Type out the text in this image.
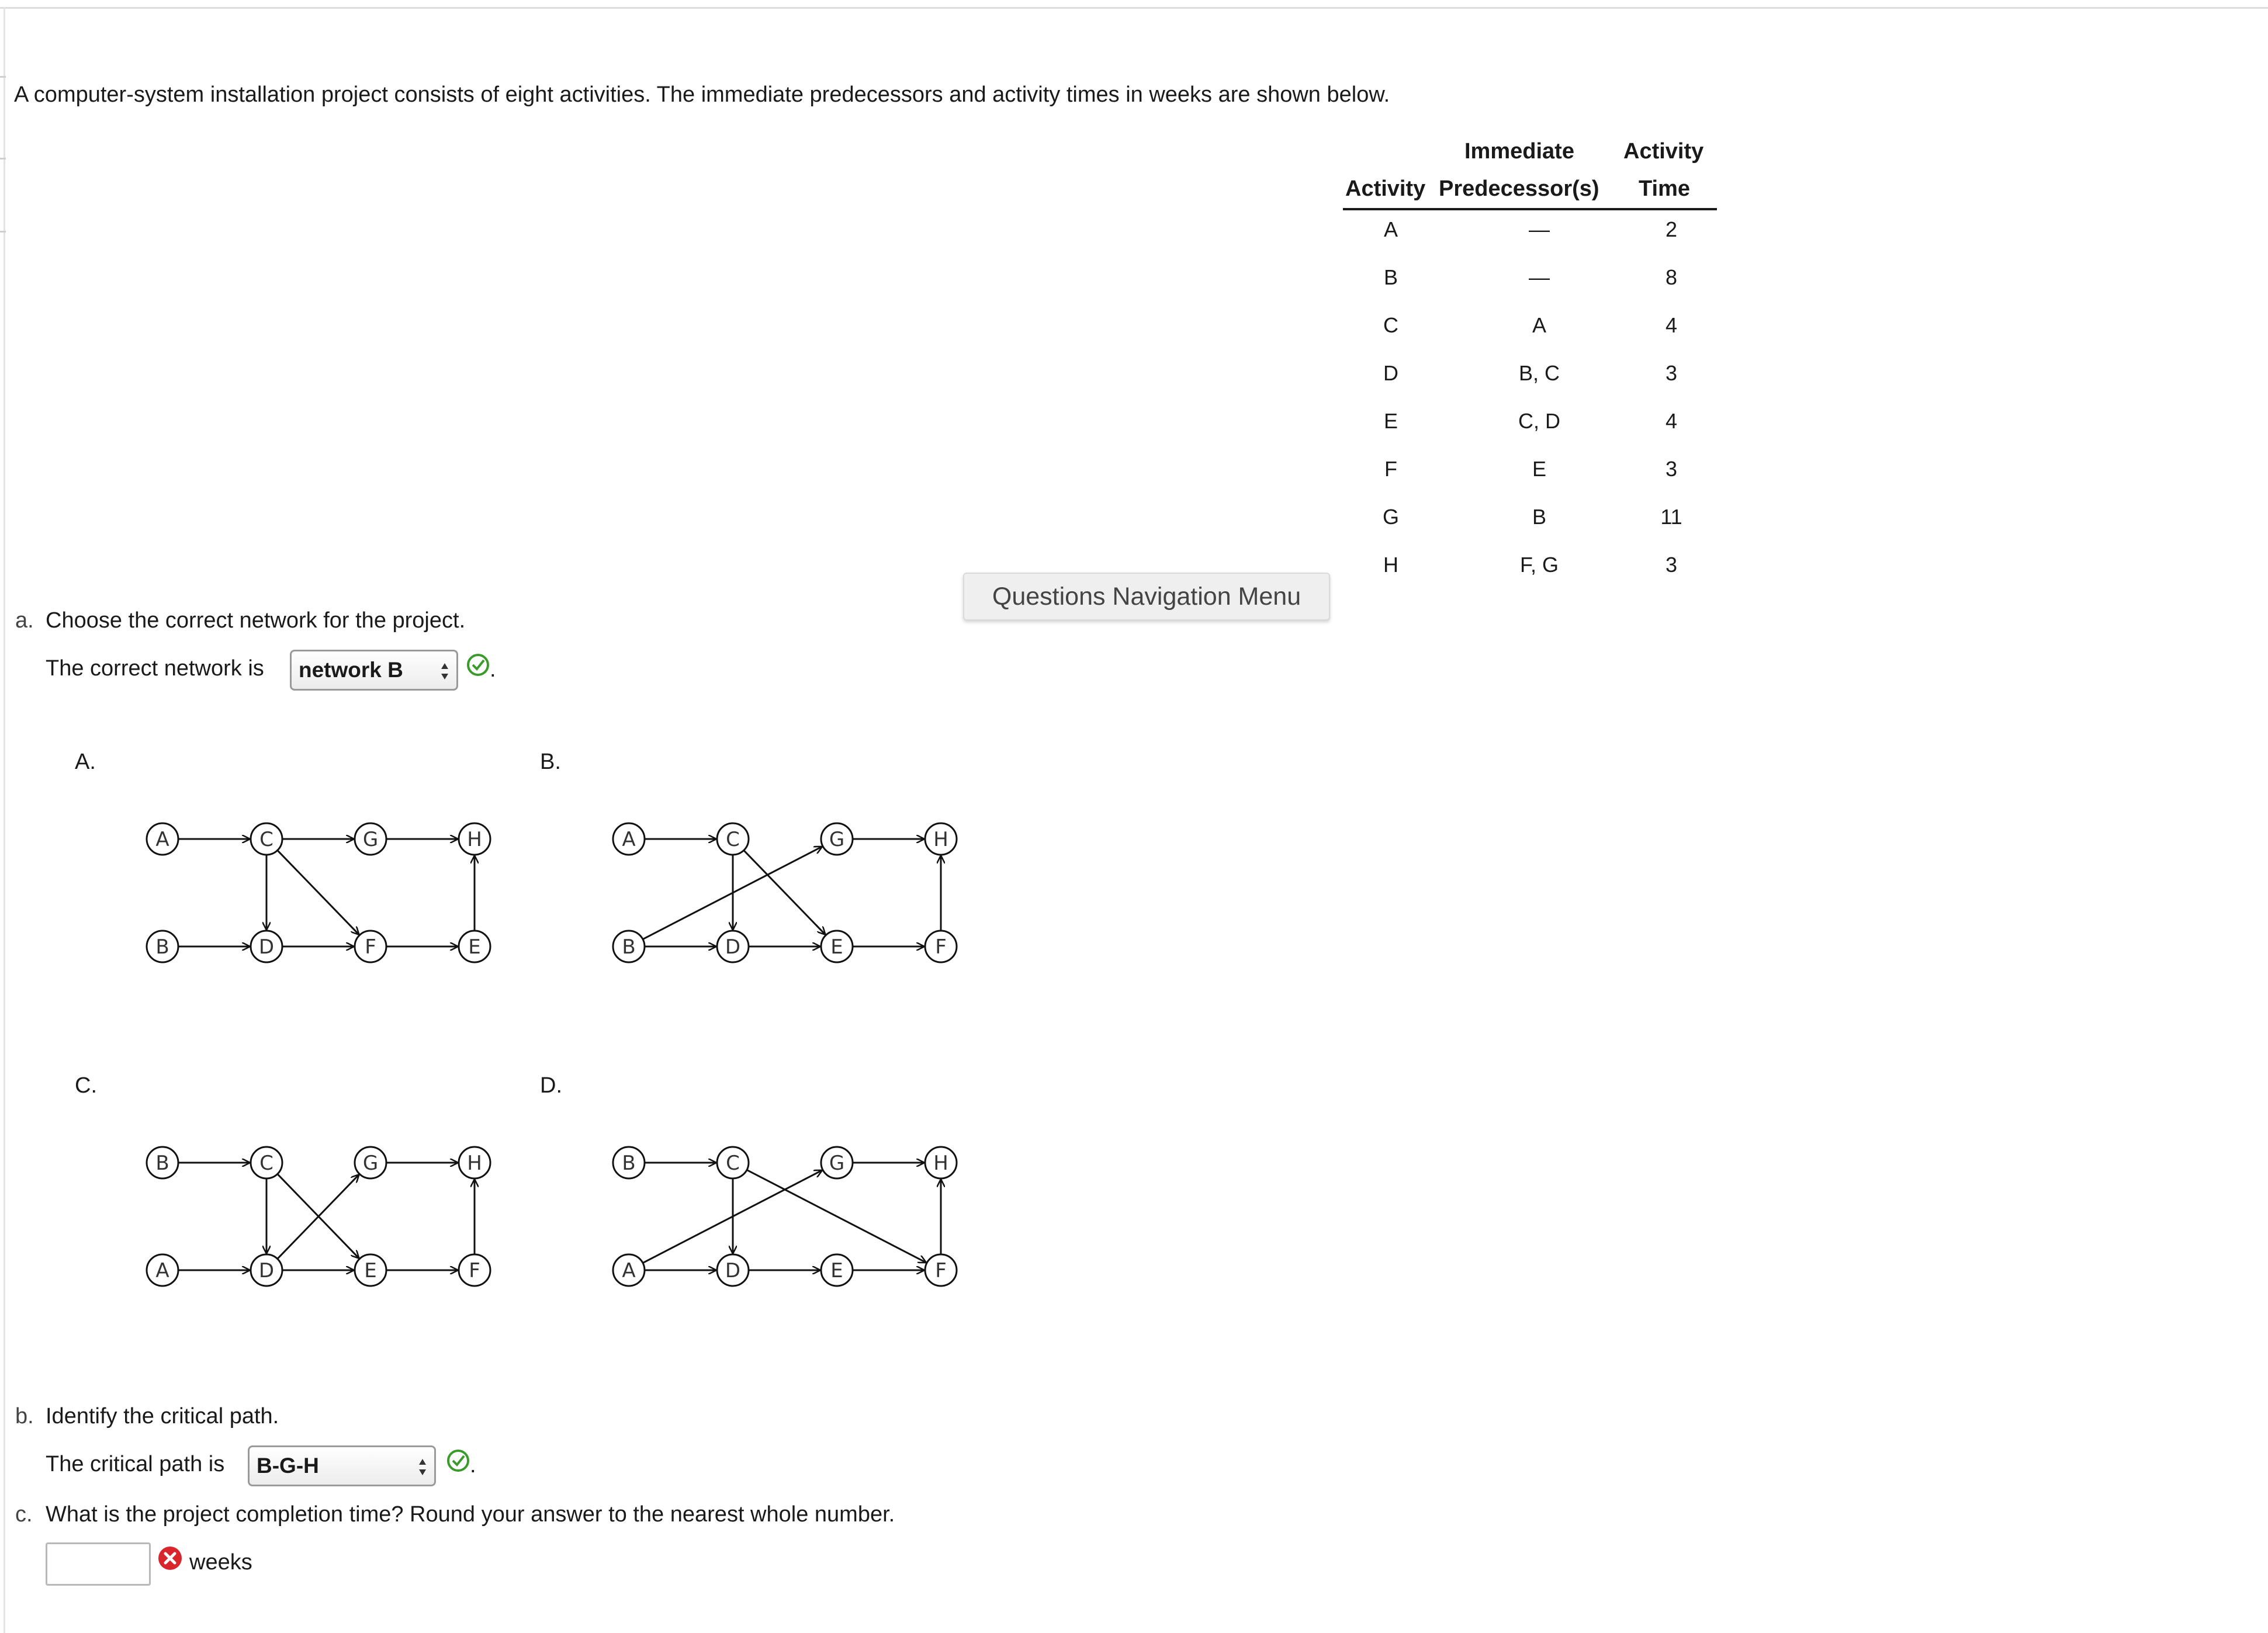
A computer-system installation project consists of eight activities. The immediate predecessors and activity times in weeks are shown below.
Immediate Activity
Activity Predecessor(s) Time
A	—	2
B	—	8
C	A	4
D	B, C	3
E	C, D	4
F	E	3
G	B	11
H	F, G	3
Questions Navigation Menu
a. Choose the correct network for the project.
The correct network is	network B	.
A.	B.
C.	D.
A	C	G	H
B	D	F	E
A	C	G	H
B	D	E	F
B	C	G	H
A	D	E	F
B	C	G	H
A	D	E	F
b. Identify the critical path.
The critical path is	B-G-H	.
c. What is the project completion time? Round your answer to the nearest whole number.
weeks
